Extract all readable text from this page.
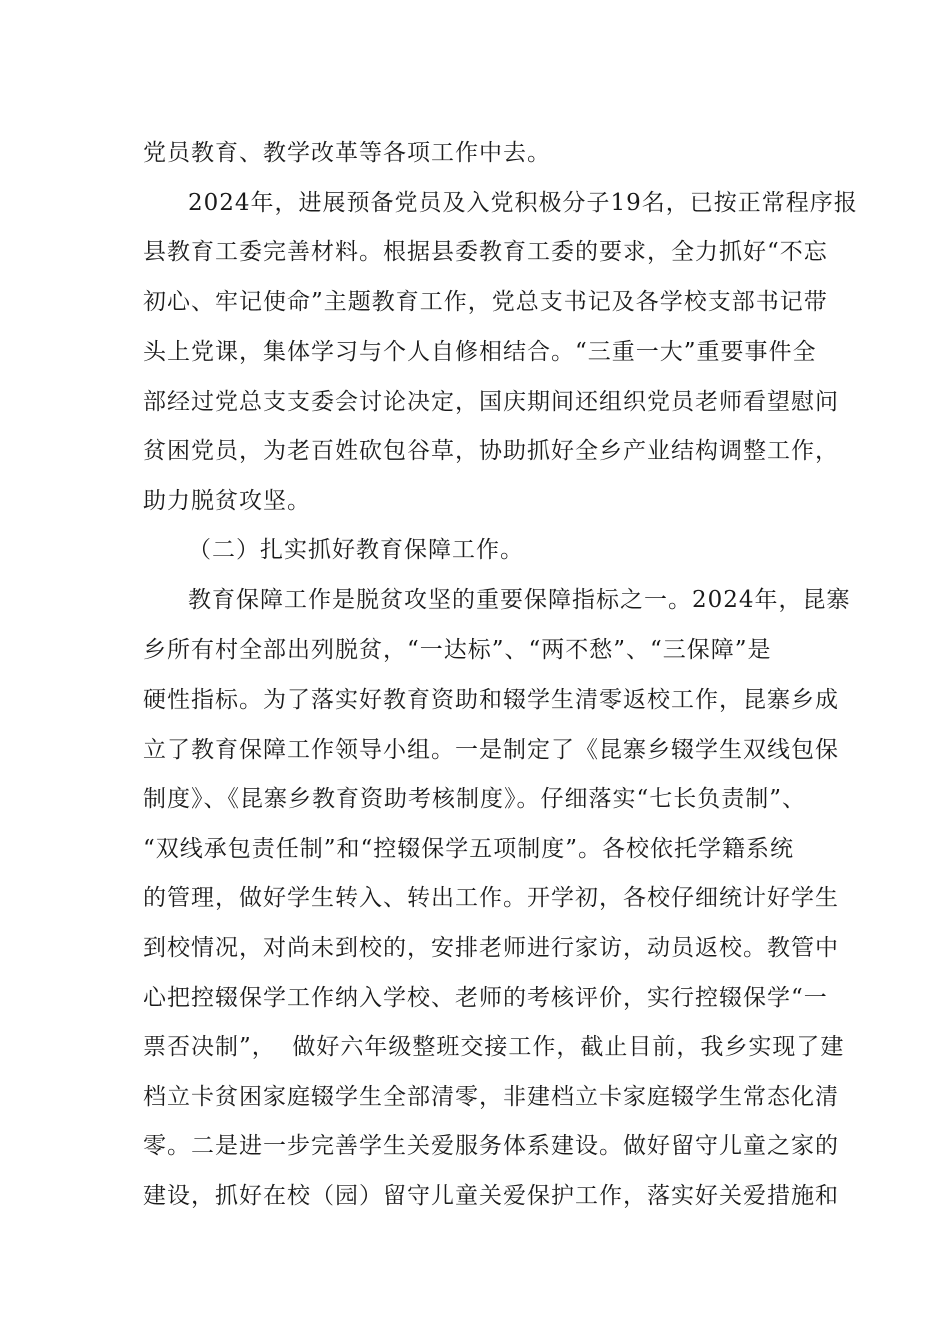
党员教育、教学改革等各项工作中去。
2024年，进展预备党员及入党积极分子19名，已按正常程序报
县教育工委完善材料。根据县委教育工委的要求，全力抓好“不忘
初心、牢记使命”主题教育工作，党总支书记及各学校支部书记带
头上党课，集体学习与个人自修相结合。“三重一大”重要事件全
部经过党总支支委会讨论决定，国庆期间还组织党员老师看望慰问
贫困党员，为老百姓砍包谷草，协助抓好全乡产业结构调整工作，
助力脱贫攻坚。
（二）扎实抓好教育保障工作。
教育保障工作是脱贫攻坚的重要保障指标之一。2024年，昆寨
乡所有村全部出列脱贫，“一达标”、“两不愁”、“三保障”是
硬性指标。为了落实好教育资助和辍学生清零返校工作，昆寨乡成
立了教育保障工作领导小组。一是制定了《昆寨乡辍学生双线包保
制度》、《昆寨乡教育资助考核制度》。仔细落实“七长负责制”、
“双线承包责任制”和“控辍保学五项制度”。各校依托学籍系统
的管理，做好学生转入、转出工作。开学初，各校仔细统计好学生
到校情况，对尚未到校的，安排老师进行家访，动员返校。教管中
心把控辍保学工作纳入学校、老师的考核评价，实行控辍保学“一
票否决制”，  做好六年级整班交接工作，截止目前，我乡实现了建
档立卡贫困家庭辍学生全部清零，非建档立卡家庭辍学生常态化清
零。二是进一步完善学生关爱服务体系建设。做好留守儿童之家的
建设，抓好在校（园）留守儿童关爱保护工作，落实好关爱措施和
